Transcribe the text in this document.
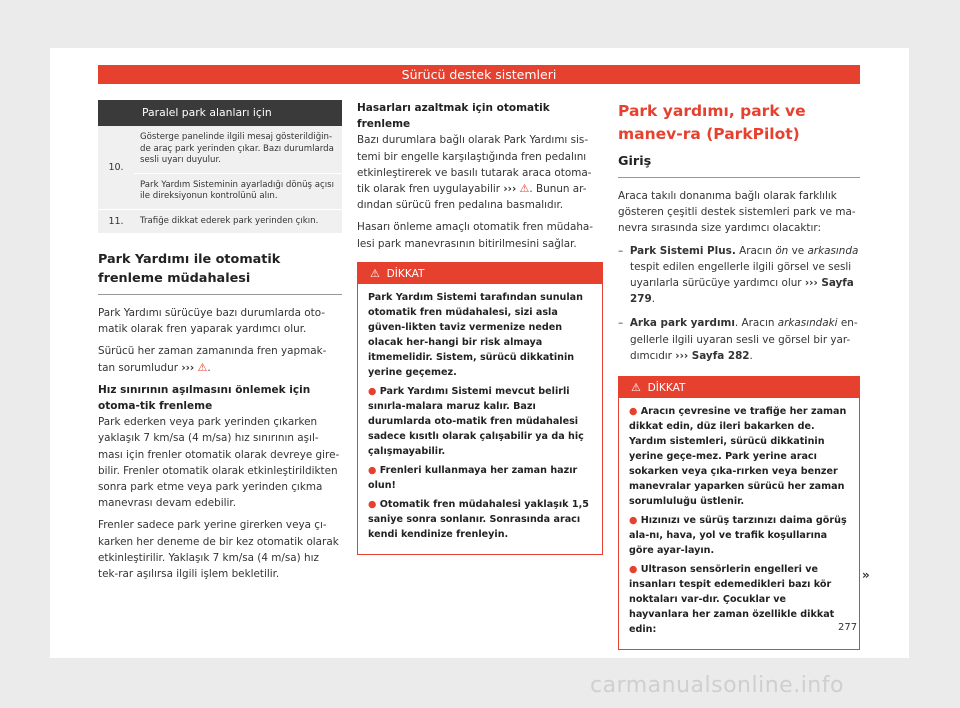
Sürücü destek sistemleri
	Paralel park alanları için
10.	Gösterge panelinde ilgili mesaj gösterildiğin-de araç park yerinden çıkar. Bazı durumlarda sesli uyarı duyulur.
	Park Yardım Sisteminin ayarladığı dönüş açısı ile direksiyonun kontrolünü alın.
11.	Trafiğe dikkat ederek park yerinden çıkın.
Park Yardımı ile otomatik frenleme müdahalesi

Park Yardımı sürücüye bazı durumlarda oto-matik olarak fren yaparak yardımcı olur.

Sürücü her zaman zamanında fren yapmak-tan sorumludur ››› ⚠.

Hız sınırının aşılmasını önlemek için otoma-tik frenleme

Park ederken veya park yerinden çıkarken yaklaşık 7 km/sa (4 m/sa) hız sınırının aşıl-ması için frenler otomatik olarak devreye gire-bilir. Frenler otomatik olarak etkinleştirildikten sonra park etme veya park yerinden çıkma manevrası devam edebilir.

Frenler sadece park yerine girerken veya çı-karken her deneme de bir kez otomatik olarak etkinleştirilir. Yaklaşık 7 km/sa (4 m/sa) hız tek-rar aşılırsa ilgili işlem bekletilir.

Hasarları azaltmak için otomatik frenleme

Bazı durumlara bağlı olarak Park Yardımı sis-temi bir engelle karşılaştığında fren pedalını etkinleştirerek ve basılı tutarak araca otoma-tik olarak fren uygulayabilir ››› ⚠. Bunun ar-dından sürücü fren pedalına basmalıdır.

Hasarı önleme amaçlı otomatik fren müdaha-lesi park manevrasının bitirilmesini sağlar.

⚠ DİKKAT

Park Yardım Sistemi tarafından sunulan otomatik fren müdahalesi, sizi asla güven-likten taviz vermenize neden olacak her-hangi bir risk almaya itmemelidir. Sistem, sürücü dikkatinin yerine geçemez.

● Park Yardımı Sistemi mevcut belirli sınırla-malara maruz kalır. Bazı durumlarda oto-matik fren müdahalesi sadece kısıtlı olarak çalışabilir ya da hiç çalışmayabilir.

● Frenleri kullanmaya her zaman hazır olun!

● Otomatik fren müdahalesi yaklaşık 1,5 saniye sonra sonlanır. Sonrasında aracı kendi kendinize frenleyin.

Park yardımı, park ve manev-ra (ParkPilot)
Giriş

Araca takılı donanıma bağlı olarak farklılık gösteren çeşitli destek sistemleri park ve ma-nevra sırasında size yardımcı olacaktır:

–  Park Sistemi Plus. Aracın ön ve arkasında tespit edilen engellerle ilgili görsel ve sesli uyarılarla sürücüye yardımcı olur ››› Sayfa 279.
–  Arka park yardımı. Aracın arkasındaki en-gellerle ilgili uyaran sesli ve görsel bir yar-dımcıdır ››› Sayfa 282.
⚠ DİKKAT

● Aracın çevresine ve trafiğe her zaman dikkat edin, düz ileri bakarken de. Yardım sistemleri, sürücü dikkatinin yerine geçe-mez. Park yerine aracı sokarken veya çıka-rırken veya benzer manevralar yaparken sürücü her zaman sorumluluğu üstlenir.

● Hızınızı ve sürüş tarzınızı daima görüş ala-nı, hava, yol ve trafik koşullarına göre ayar-layın.

● Ultrason sensörlerin engelleri ve insanları tespit edemedikleri bazı kör noktaları var-dır. Çocuklar ve hayvanlara her zaman özellikle dikkat edin:

»
277
carmanualsonline.info
